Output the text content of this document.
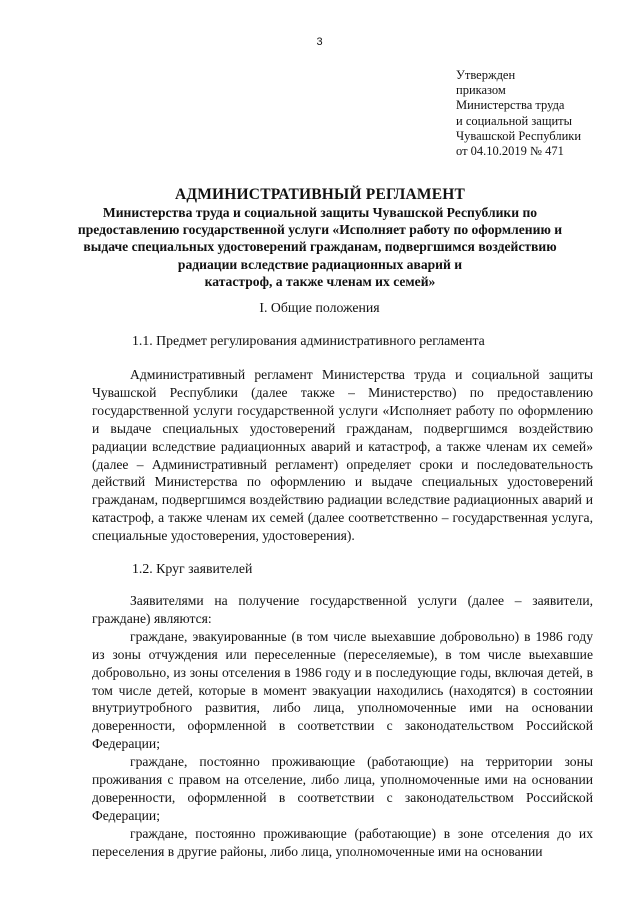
3
Утвержден
приказом
Министерства труда
и социальной защиты
Чувашской Республики
от 04.10.2019 № 471
АДМИНИСТРАТИВНЫЙ РЕГЛАМЕНТ
Министерства труда и социальной защиты Чувашской Республики по
предоставлению государственной услуги «Исполняет работу по оформлению и
выдаче специальных удостоверений гражданам, подвергшимся воздействию
радиации вследствие радиационных аварий и
катастроф, а также членам их семей»
I. Общие положения
1.1. Предмет регулирования административного регламента

Административный регламент Министерства труда и социальной защиты Чувашской Республики (далее также – Министерство) по предоставлению государственной услуги государственной услуги «Исполняет работу по оформлению и выдаче специальных удостоверений гражданам, подвергшимся воздействию радиации вследствие радиационных аварий и катастроф, а также членам их семей» (далее – Административный регламент) определяет сроки и последовательность действий Министерства по оформлению и выдаче специальных удостоверений гражданам, подвергшимся воздействию радиации вследствие радиационных аварий и катастроф, а также членам их семей (далее соответственно – государственная услуга, специальные удостоверения, удостоверения).

1.2. Круг заявителей

Заявителями на получение государственной услуги (далее – заявители, граждане) являются:

граждане, эвакуированные (в том числе выехавшие добровольно) в 1986 году из зоны отчуждения или переселенные (переселяемые), в том числе выехавшие добровольно, из зоны отселения в 1986 году и в последующие годы, включая детей, в том числе детей, которые в момент эвакуации находились (находятся) в состоянии внутриутробного развития, либо лица, уполномоченные ими на основании доверенности, оформленной в соответствии с законодательством Российской Федерации;

граждане, постоянно проживающие (работающие) на территории зоны проживания с правом на отселение, либо лица, уполномоченные ими на основании доверенности, оформленной в соответствии с законодательством Российской Федерации;

граждане, постоянно проживающие (работающие) в зоне отселения до их переселения в другие районы, либо лица, уполномоченные ими на основании
